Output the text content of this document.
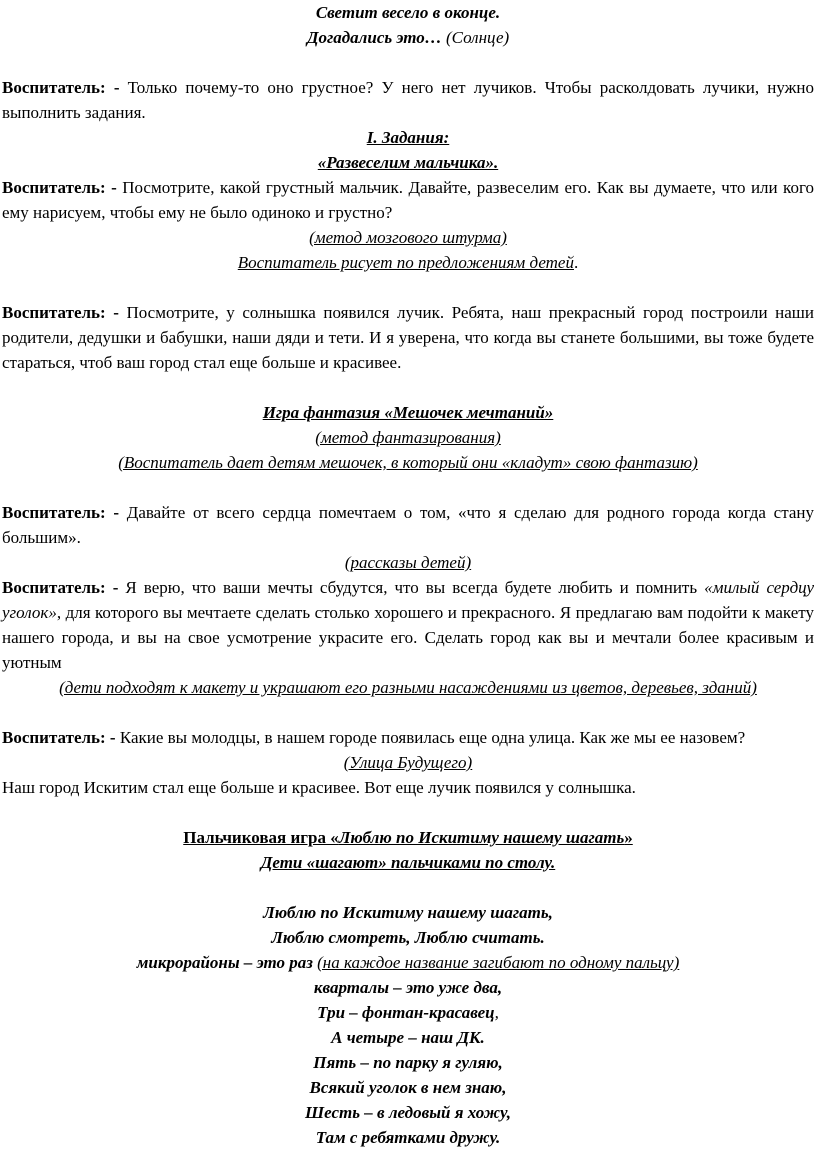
Светит весело в оконце.

Догадались это… (Солнце)

Воспитатель: - Только почему-то оно грустное? У него нет лучиков. Чтобы расколдовать лучики, нужно выполнить задания.

I. Задания:

«Развеселим мальчика».

Воспитатель: - Посмотрите, какой грустный мальчик. Давайте, развеселим его. Как вы думаете, что или кого ему нарисуем, чтобы ему не было одиноко и грустно?

(метод мозгового штурма)

Воспитатель рисует по предложениям детей.

Воспитатель: - Посмотрите, у солнышка появился лучик. Ребята, наш прекрасный город построили наши родители, дедушки и бабушки, наши дяди и тети. И я уверена, что когда вы станете большими, вы тоже будете стараться, чтоб ваш город стал еще больше и красивее.

Игра фантазия «Мешочек мечтаний»

(метод фантазирования)

(Воспитатель дает детям мешочек, в который они «кладут» свою фантазию)

Воспитатель: - Давайте от всего сердца помечтаем о том, «что я сделаю для родного города когда стану большим».

(рассказы детей)

Воспитатель: - Я верю, что ваши мечты сбудутся, что вы всегда будете любить и помнить «милый сердцу уголок», для которого вы мечтаете сделать столько хорошего и прекрасного. Я предлагаю вам подойти к макету нашего города, и вы на свое усмотрение украсите его. Сделать город как вы и мечтали более красивым и уютным

(дети подходят к макету и украшают его разными насаждениями из цветов, деревьев, зданий)

Воспитатель: - Какие вы молодцы, в нашем городе появилась еще одна улица. Как же мы ее назовем?

(Улица Будущего)

Наш город Искитим стал еще больше и красивее. Вот еще лучик появился у солнышка.

Пальчиковая игра «Люблю по Искитиму нашему шагать»

Дети «шагают» пальчиками по столу.

Люблю по Искитиму нашему шагать,

Люблю смотреть, Люблю считать.

микрорайоны – это раз (на каждое название загибают по одному пальцу)

кварталы – это уже два,

Три – фонтан-красавец,

А четыре – наш ДК.

Пять – по парку я гуляю,

Всякий уголок в нем знаю,

Шесть – в ледовый я хожу,

Там с ребятками дружу.
